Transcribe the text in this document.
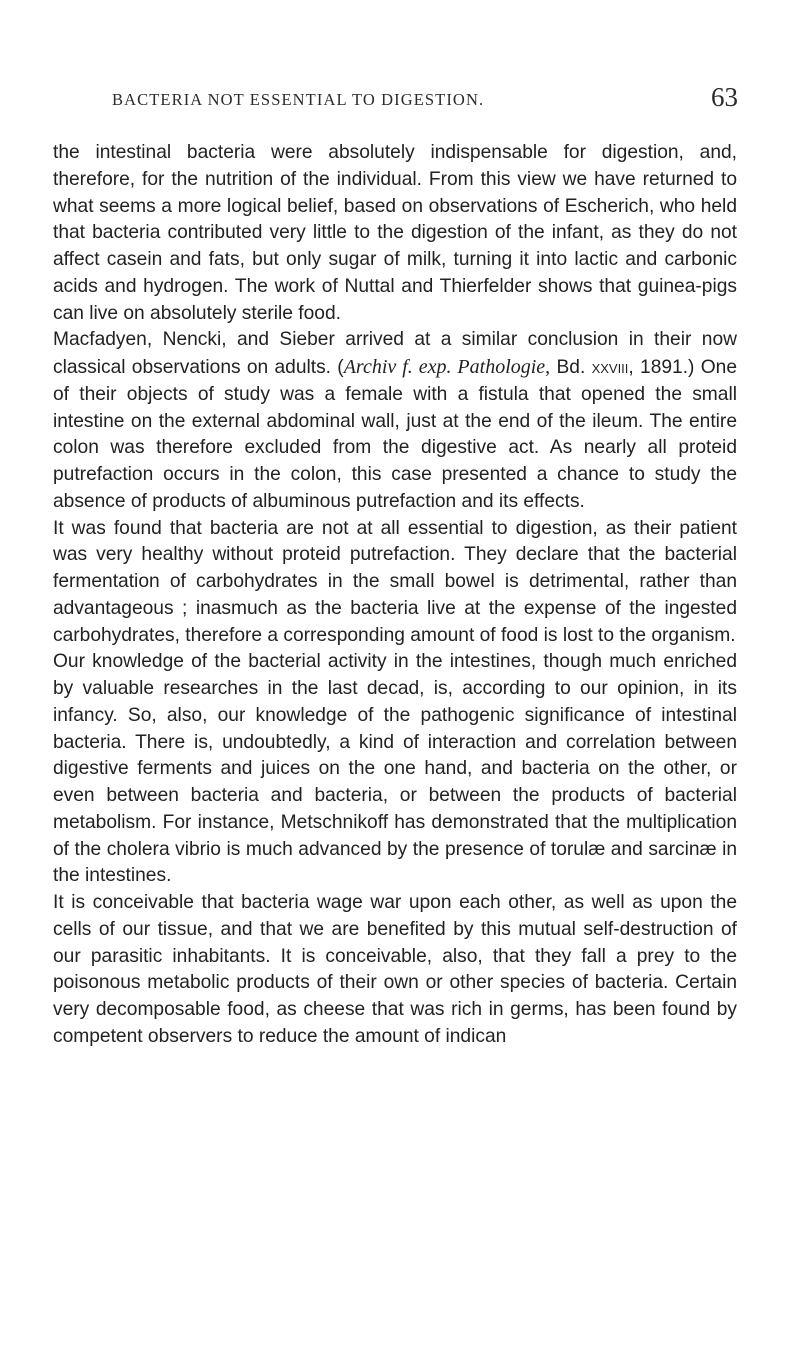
BACTERIA NOT ESSENTIAL TO DIGESTION.	63

the intestinal bacteria were absolutely indispensable for digestion, and, therefore, for the nutrition of the individual. From this view we have returned to what seems a more logical belief, based on observations of Escherich, who held that bacteria contributed very little to the digestion of the infant, as they do not affect casein and fats, but only sugar of milk, turning it into lactic and carbonic acids and hydrogen. The work of Nuttal and Thierfelder shows that guinea-pigs can live on absolutely sterile food.

Macfadyen, Nencki, and Sieber arrived at a similar conclusion in their now classical observations on adults. (Archiv f. exp. Pathologie, Bd. xxviii, 1891.) One of their objects of study was a female with a fistula that opened the small intestine on the external abdominal wall, just at the end of the ileum. The entire colon was therefore excluded from the digestive act. As nearly all proteid putrefaction occurs in the colon, this case presented a chance to study the absence of products of albuminous putrefaction and its effects.

It was found that bacteria are not at all essential to digestion, as their patient was very healthy without proteid putrefaction. They declare that the bacterial fermentation of carbohydrates in the small bowel is detrimental, rather than advantageous ; inasmuch as the bacteria live at the expense of the ingested carbohydrates, therefore a corresponding amount of food is lost to the organism.

Our knowledge of the bacterial activity in the intestines, though much enriched by valuable researches in the last decad, is, according to our opinion, in its infancy. So, also, our knowledge of the pathogenic significance of intestinal bacteria. There is, undoubtedly, a kind of interaction and correlation between digestive ferments and juices on the one hand, and bacteria on the other, or even between bacteria and bacteria, or between the products of bacterial metabolism. For instance, Metschnikoff has demonstrated that the multiplication of the cholera vibrio is much advanced by the presence of torulæ and sarcinæ in the intestines.

It is conceivable that bacteria wage war upon each other, as well as upon the cells of our tissue, and that we are benefited by this mutual self-destruction of our parasitic inhabitants. It is conceivable, also, that they fall a prey to the poisonous metabolic products of their own or other species of bacteria. Certain very decomposable food, as cheese that was rich in germs, has been found by competent observers to reduce the amount of indican
